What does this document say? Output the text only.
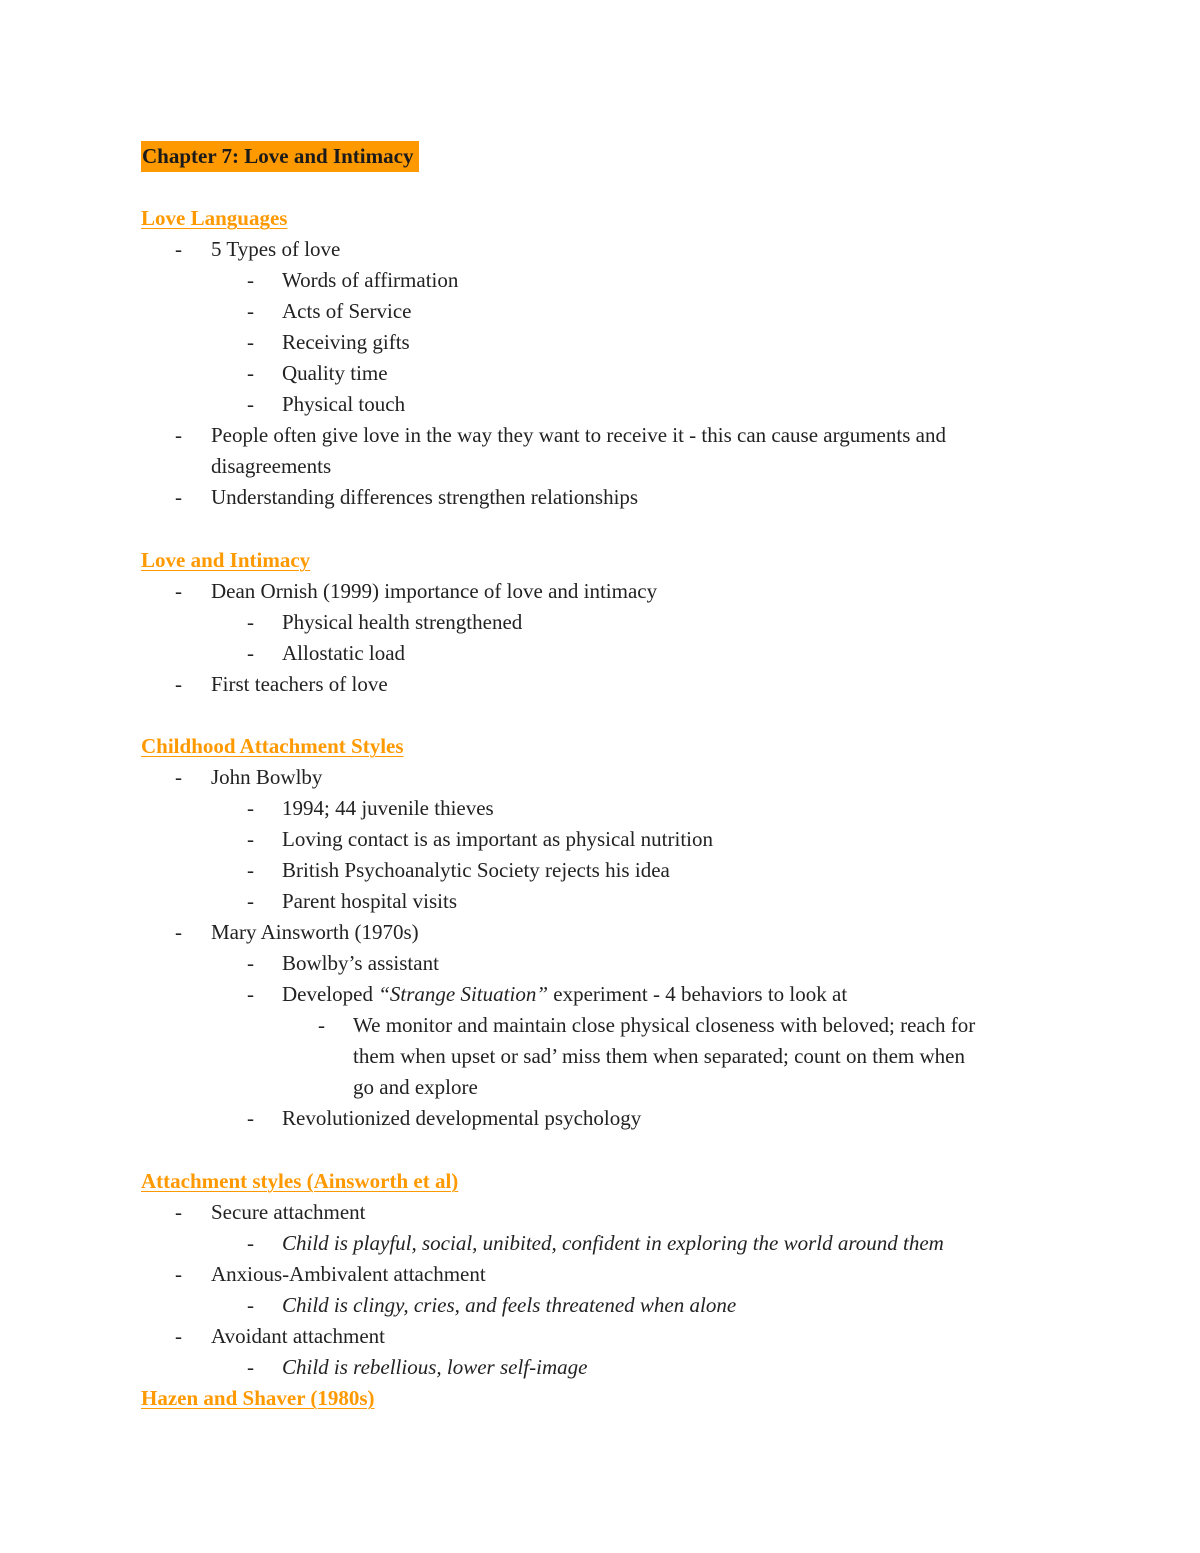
Chapter 7: Love and Intimacy
Love Languages
- 5 Types of love
- Words of affirmation
- Acts of Service
- Receiving gifts
- Quality time
- Physical touch
- People often give love in the way they want to receive it - this can cause arguments and
disagreements
- Understanding differences strengthen relationships
Love and Intimacy
- Dean Ornish (1999) importance of love and intimacy
- Physical health strengthened
- Allostatic load
- First teachers of love
Childhood Attachment Styles
- John Bowlby
- 1994; 44 juvenile thieves
- Loving contact is as important as physical nutrition
- British Psychoanalytic Society rejects his idea
- Parent hospital visits
- Mary Ainsworth (1970s)
- Bowlby’s assistant
- Developed “Strange Situation” experiment - 4 behaviors to look at
- We monitor and maintain close physical closeness with beloved; reach for
them when upset or sad’ miss them when separated; count on them when
go and explore
- Revolutionized developmental psychology
Attachment styles (Ainsworth et al)
- Secure attachment
- Child is playful, social, unibited, confident in exploring the world around them
- Anxious-Ambivalent attachment
- Child is clingy, cries, and feels threatened when alone
- Avoidant attachment
- Child is rebellious, lower self-image
Hazen and Shaver (1980s)
